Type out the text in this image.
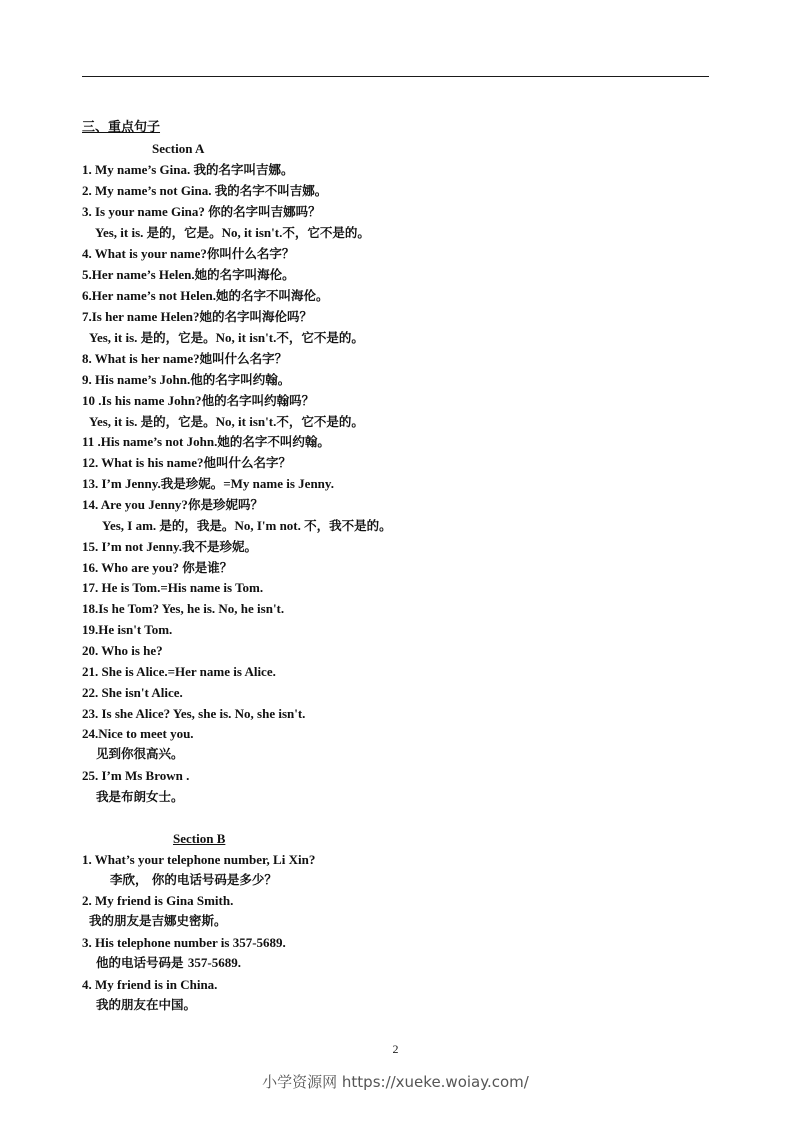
三、重点句子
Section A
1. My name’s Gina. 我的名字叫吉娜。
2. My name’s not Gina. 我的名字不叫吉娜。
3. Is your name Gina? 你的名字叫吉娜吗？
Yes, it is. 是的，它是。No, it isn't.不，它不是的。
4. What is your name?你叫什么名字？
5.Her name’s Helen.她的名字叫海伦。
6.Her name’s not Helen.她的名字不叫海伦。
7.Is her name Helen?她的名字叫海伦吗？
Yes, it is. 是的，它是。No, it isn't.不，它不是的。
8. What is her name?她叫什么名字？
9. His name’s John.他的名字叫约翰。
10 .Is his name John?他的名字叫约翰吗？
Yes, it is. 是的，它是。No, it isn't.不，它不是的。
11 .His name’s not John.她的名字不叫约翰。
12. What is his name?他叫什么名字？
13. I’m Jenny.我是珍妮。=My name is Jenny.
14. Are you Jenny?你是珍妮吗？
Yes, I am. 是的，我是。No, I'm not. 不，我不是的。
15. I’m not Jenny.我不是珍妮。
16. Who are you? 你是谁？
17. He is Tom.=His name is Tom.
18.Is he Tom? Yes, he is. No, he isn't.
19.He isn't Tom.
20. Who is he?
21. She is Alice.=Her name is Alice.
22. She isn't Alice.
23. Is she Alice? Yes, she is. No, she isn't.
24.Nice to meet you.
见到你很高兴。
25. I’m Ms Brown .
我是布朗女士。
Section B
1. What’s your telephone number, Li Xin?
李欣， 你的电话号码是多少？
2. My friend is Gina Smith.
我的朋友是吉娜史密斯。
3. His telephone number is 357-5689.
他的电话号码是 357-5689.
4. My friend is in China.
我的朋友在中国。
2
小学资源网 https://xueke.woiay.com/
